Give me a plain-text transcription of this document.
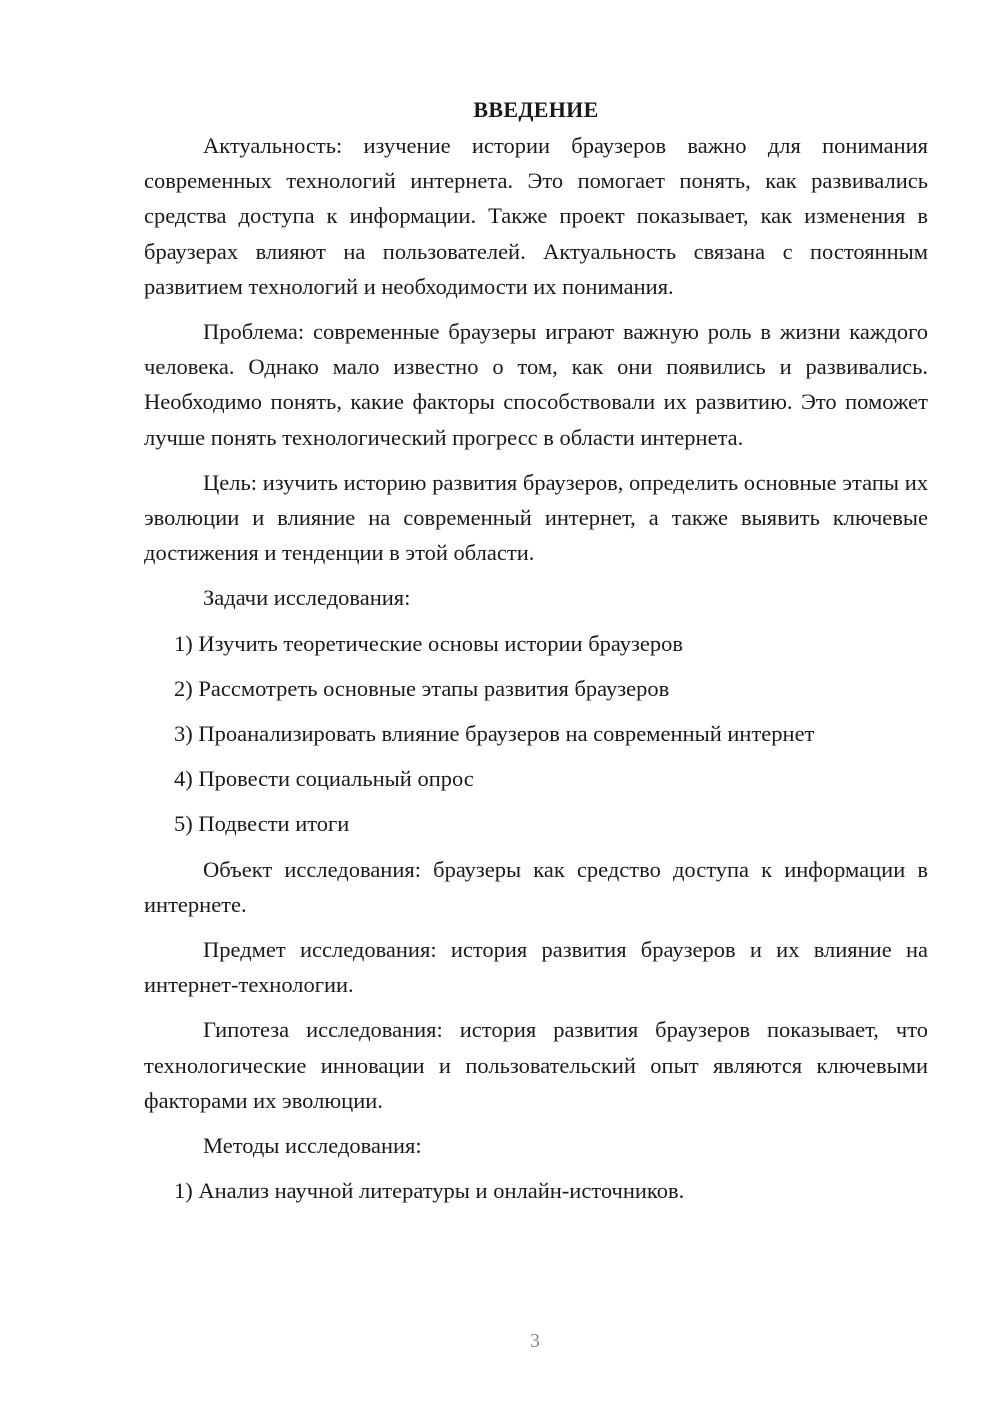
ВВЕДЕНИЕ

Актуальность: изучение истории браузеров важно для понимания современных технологий интернета. Это помогает понять, как развивались средства доступа к информации. Также проект показывает, как изменения в браузерах влияют на пользователей. Актуальность связана с постоянным развитием технологий и необходимости их понимания.

Проблема: современные браузеры играют важную роль в жизни каждого человека. Однако мало известно о том, как они появились и развивались. Необходимо понять, какие факторы способствовали их развитию. Это поможет лучше понять технологический прогресс в области интернета.

Цель: изучить историю развития браузеров, определить основные этапы их эволюции и влияние на современный интернет, а также выявить ключевые достижения и тенденции в этой области.

Задачи исследования:

1) Изучить теоретические основы истории браузеров
2) Рассмотреть основные этапы развития браузеров
3) Проанализировать влияние браузеров на современный интернет
4) Провести социальный опрос
5) Подвести итоги

Объект исследования: браузеры как средство доступа к информации в интернете.

Предмет исследования: история развития браузеров и их влияние на интернет-технологии.

Гипотеза исследования: история развития браузеров показывает, что технологические инновации и пользовательский опыт являются ключевыми факторами их эволюции.

Методы исследования:

1) Анализ научной литературы и онлайн-источников.
3
